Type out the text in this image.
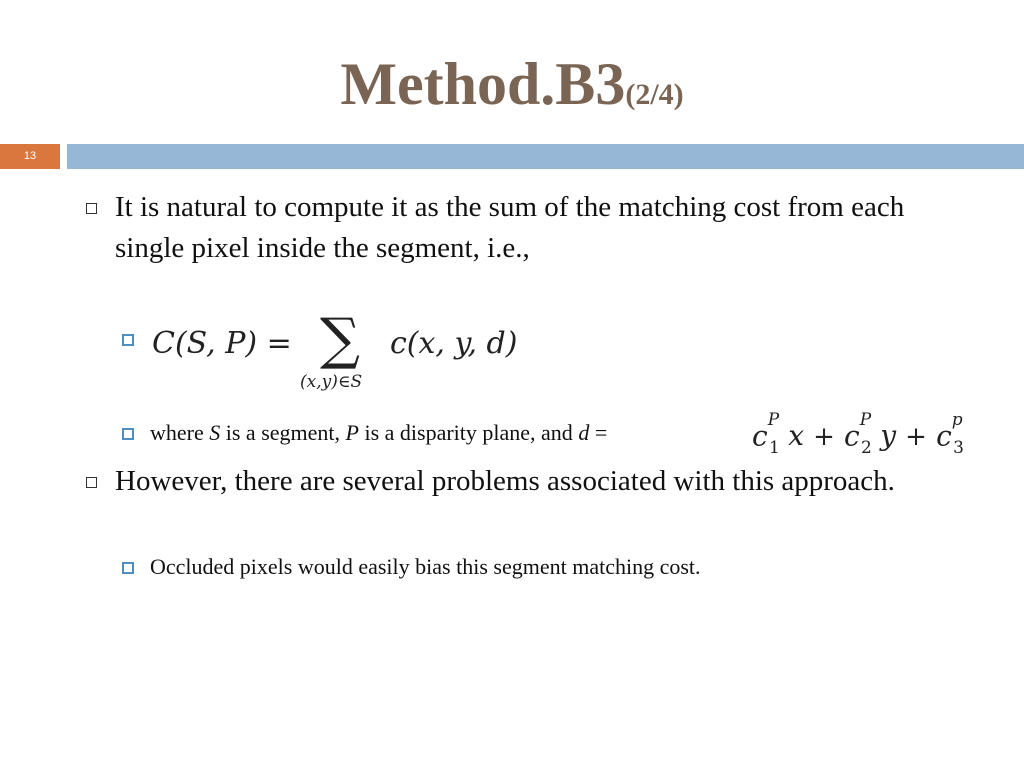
Method.B3(2/4)
13
It is natural to compute it as the sum of the matching cost from each single pixel inside the segment, i.e.,
C(S, P) = ∑
(x,y)∈S
c(x, y, d)
where S is a segment, P is a disparity plane, and d =	$c^P$
1 $x + c^P$
2 $y + c^p$
3
However, there are several problems associated with this approach.
Occluded pixels would easily bias this segment matching cost.
